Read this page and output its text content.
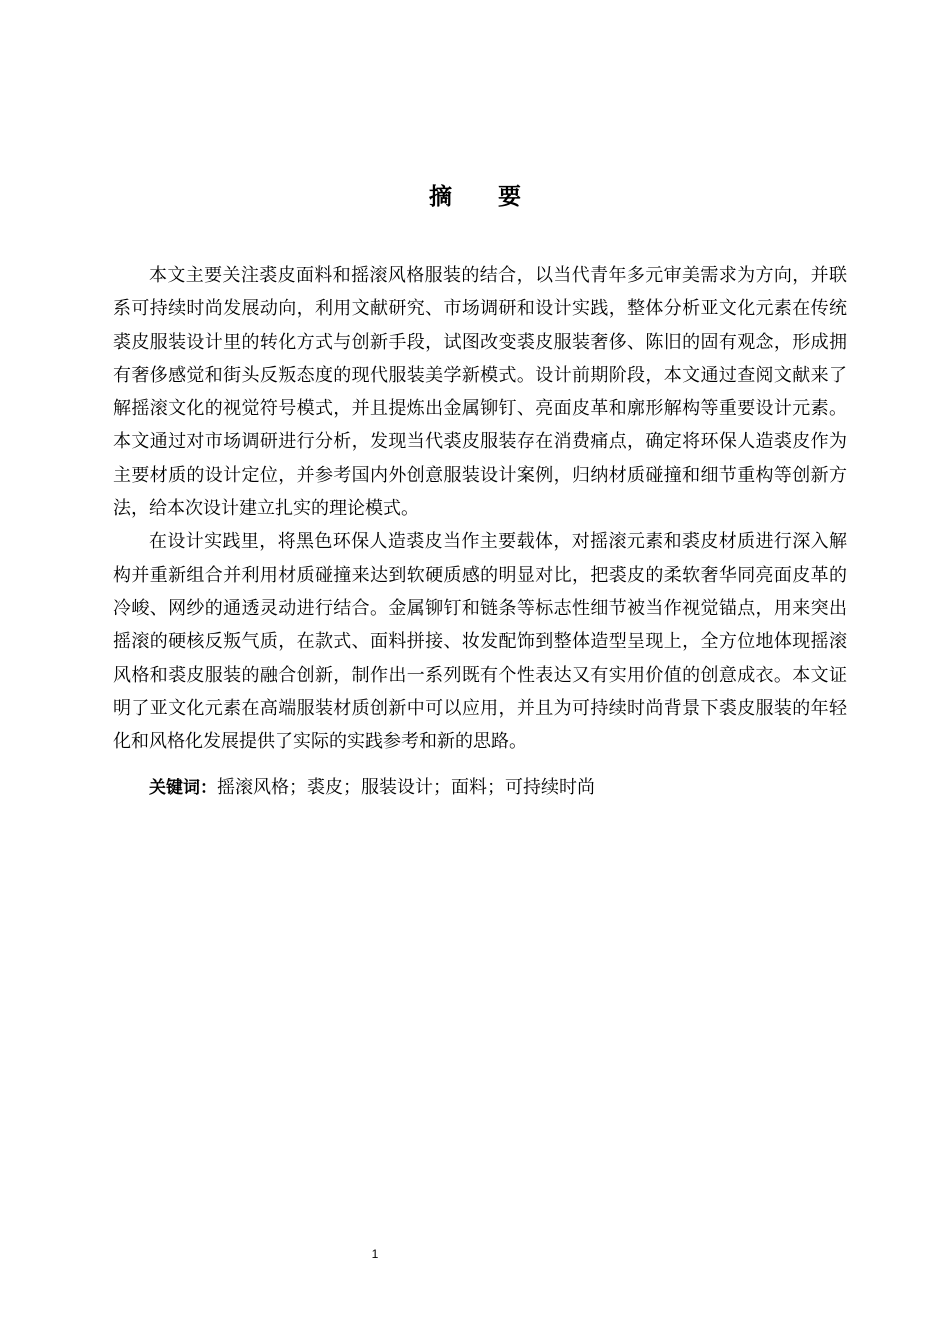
摘 要

本文主要关注裘皮面料和摇滚风格服装的结合，以当代青年多元审美需求为方向，并联系可持续时尚发展动向，利用文献研究、市场调研和设计实践，整体分析亚文化元素在传统裘皮服装设计里的转化方式与创新手段，试图改变裘皮服装奢侈、陈旧的固有观念，形成拥有奢侈感觉和街头反叛态度的现代服装美学新模式。设计前期阶段，本文通过查阅文献来了解摇滚文化的视觉符号模式，并且提炼出金属铆钉、亮面皮革和廓形解构等重要设计元素。本文通过对市场调研进行分析，发现当代裘皮服装存在消费痛点，确定将环保人造裘皮作为主要材质的设计定位，并参考国内外创意服装设计案例，归纳材质碰撞和细节重构等创新方法，给本次设计建立扎实的理论模式。

在设计实践里，将黑色环保人造裘皮当作主要载体，对摇滚元素和裘皮材质进行深入解构并重新组合并利用材质碰撞来达到软硬质感的明显对比，把裘皮的柔软奢华同亮面皮革的冷峻、网纱的通透灵动进行结合。金属铆钉和链条等标志性细节被当作视觉锚点，用来突出摇滚的硬核反叛气质，在款式、面料拼接、妆发配饰到整体造型呈现上，全方位地体现摇滚风格和裘皮服装的融合创新，制作出一系列既有个性表达又有实用价值的创意成衣。本文证明了亚文化元素在高端服装材质创新中可以应用，并且为可持续时尚背景下裘皮服装的年轻化和风格化发展提供了实际的实践参考和新的思路。

关键词：摇滚风格；裘皮；服装设计；面料；可持续时尚
1
